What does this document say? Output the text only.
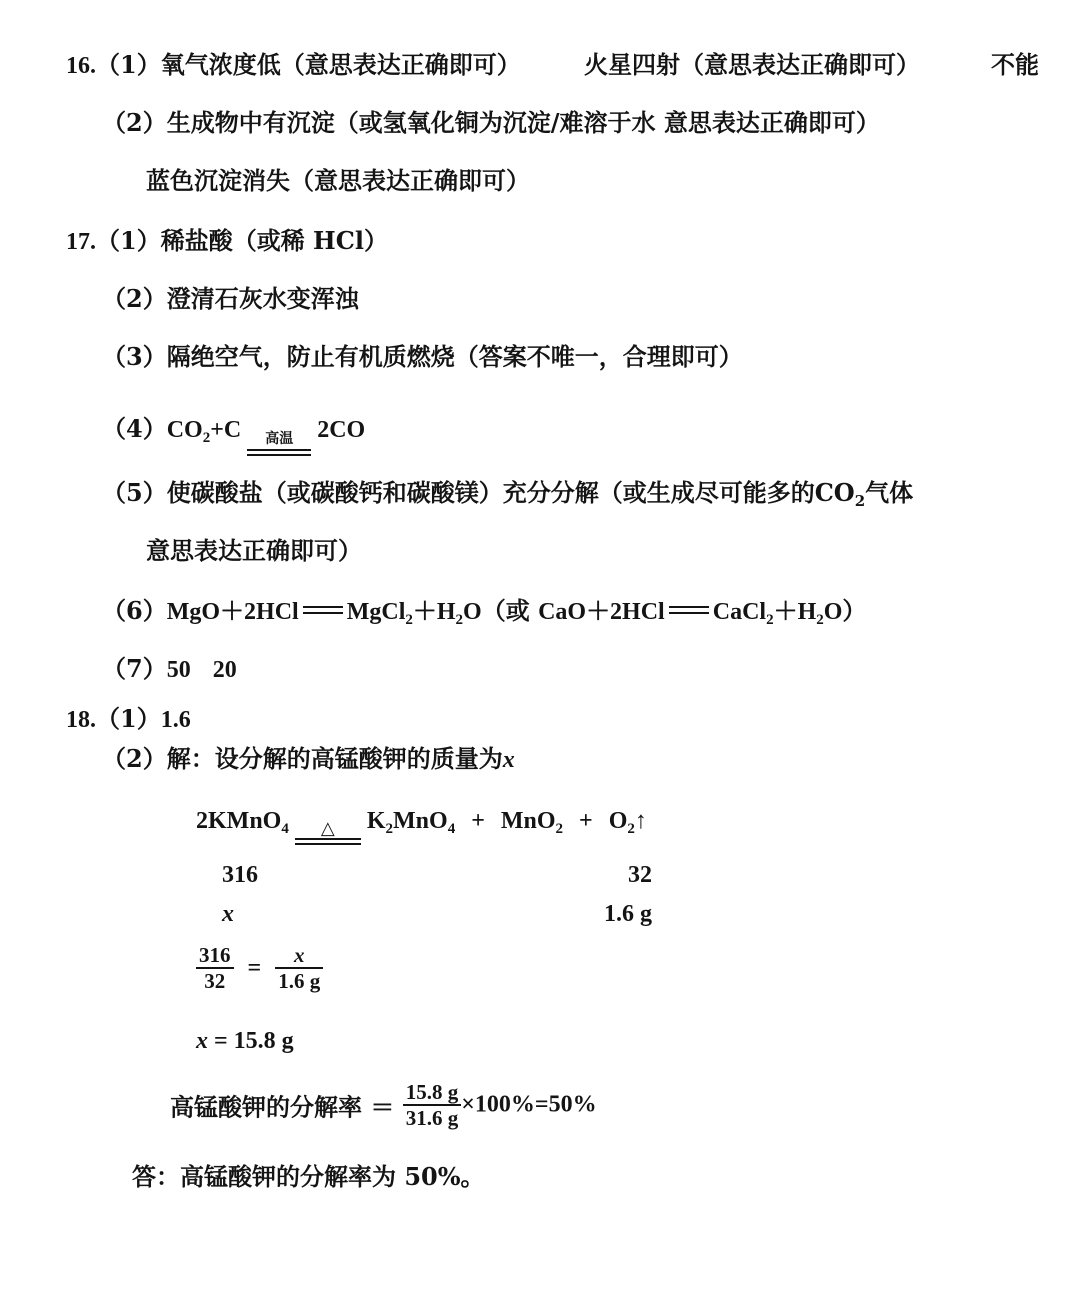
16.（1）氧气浓度低（意思表达正确即可）	火星四射（意思表达正确即可）	不能
（2）生成物中有沉淀（或氢氧化铜为沉淀/难溶于水 意思表达正确即可）
蓝色沉淀消失（意思表达正确即可）
17.（1）稀盐酸（或稀 HCl）
（2）澄清石灰水变浑浊
（3）隔绝空气，防止有机质燃烧（答案不唯一，合理即可）
$(4)CO_2+C$	高温	2CO
（5）使碳酸盐（或碳酸钙和碳酸镁）充分分解（或生成尽可能多的$CO_2$气体
意思表达正确即可）
（6）MgO＋2HCl $MgCl_2+H_2O$（或 CaO＋2HCl $CaCl_2+H_2O$）
（7）50 20
18.（1）1.6
（2）解：设分解的高锰酸钾的质量为x
2KMnO$_4$	△	$K_2MnO_4 + MnO_2$ + $O_2↑$
316	32
x	1.6 g
$\frac{316}{32} = \frac{x}{1.6 g}$
x = 15.8 g
高锰酸钾的分解率 ＝ $\frac{15.8 g}{31.6 g} \times 100\%=50\%$
答：高锰酸钾的分解率为 50%。
